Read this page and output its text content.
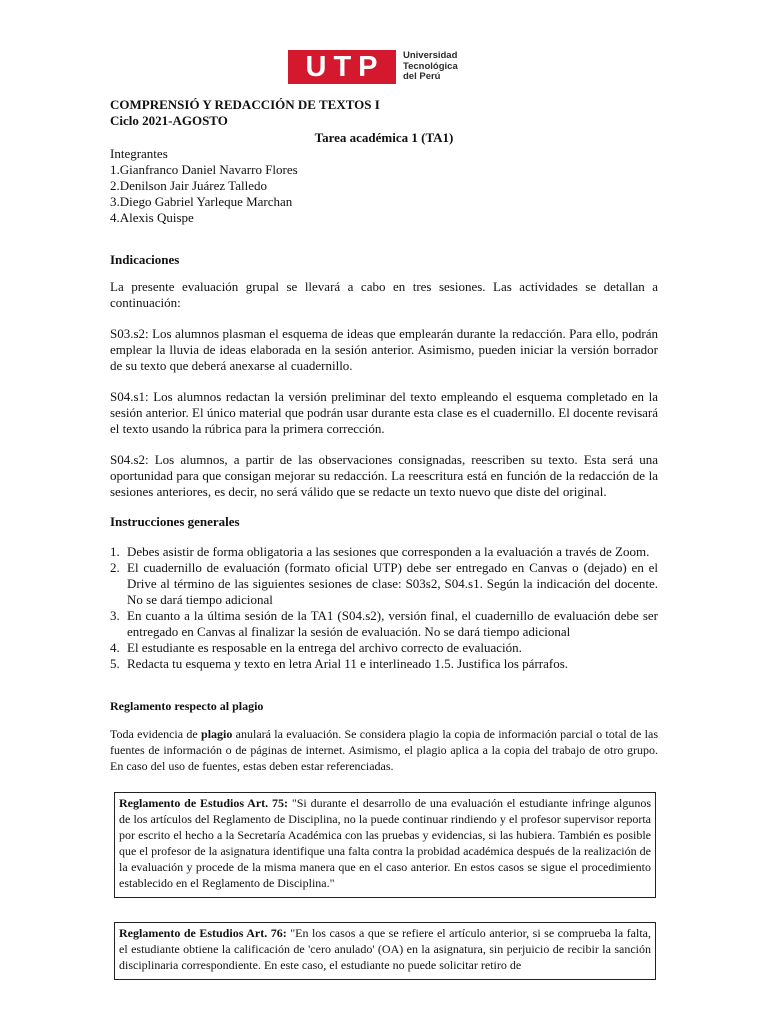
UTP Universidad
Tecnológica
del Perú

COMPRENSIÓ Y REDACCIÓN DE TEXTOS I

Ciclo 2021-AGOSTO

Tarea académica 1 (TA1)

Integrantes

1.Gianfranco Daniel Navarro Flores

2.Denilson Jair Juárez Talledo

3.Diego Gabriel Yarleque Marchan

4.Alexis Quispe

Indicaciones

La presente evaluación grupal se llevará a cabo en tres sesiones. Las actividades se detallan a continuación:

S03.s2: Los alumnos plasman el esquema de ideas que emplearán durante la redacción. Para ello, podrán emplear la lluvia de ideas elaborada en la sesión anterior. Asimismo, pueden iniciar la versión borrador de su texto que deberá anexarse al cuadernillo.

S04.s1: Los alumnos redactan la versión preliminar del texto empleando el esquema completado en la sesión anterior. El único material que podrán usar durante esta clase es el cuadernillo. El docente revisará el texto usando la rúbrica para la primera corrección.

S04.s2: Los alumnos, a partir de las observaciones consignadas, reescriben su texto. Esta será una oportunidad para que consigan mejorar su redacción. La reescritura está en función de la redacción de la sesiones anteriores, es decir, no será válido que se redacte un texto nuevo que diste del original.

Instrucciones generales

1. Debes asistir de forma obligatoria a las sesiones que corresponden a la evaluación a través de Zoom.
2. El cuadernillo de evaluación (formato oficial UTP) debe ser entregado en Canvas o (dejado) en el Drive al término de las siguientes sesiones de clase: S03s2, S04.s1. Según la indicación del docente. No se dará tiempo adicional
3. En cuanto a la última sesión de la TA1 (S04.s2), versión final, el cuadernillo de evaluación debe ser entregado en Canvas al finalizar la sesión de evaluación. No se dará tiempo adicional
4. El estudiante es resposable en la entrega del archivo correcto de evaluación.
5. Redacta tu esquema y texto en letra Arial 11 e interlineado 1.5. Justifica los párrafos.

Reglamento respecto al plagio

Toda evidencia de plagio anulará la evaluación. Se considera plagio la copia de información parcial o total de las fuentes de información o de páginas de internet. Asimismo, el plagio aplica a la copia del trabajo de otro grupo. En caso del uso de fuentes, estas deben estar referenciadas.

Reglamento de Estudios Art. 75: "Si durante el desarrollo de una evaluación el estudiante infringe algunos de los artículos del Reglamento de Disciplina, no la puede continuar rindiendo y el profesor supervisor reporta por escrito el hecho a la Secretaría Académica con las pruebas y evidencias, si las hubiera. También es posible que el profesor de la asignatura identifique una falta contra la probidad académica después de la realización de la evaluación y procede de la misma manera que en el caso anterior. En estos casos se sigue el procedimiento establecido en el Reglamento de Disciplina."
Reglamento de Estudios Art. 76: "En los casos a que se refiere el artículo anterior, si se comprueba la falta, el estudiante obtiene la calificación de 'cero anulado' (OA) en la asignatura, sin perjuicio de recibir la sanción disciplinaria correspondiente. En este caso, el estudiante no puede solicitar retiro de
